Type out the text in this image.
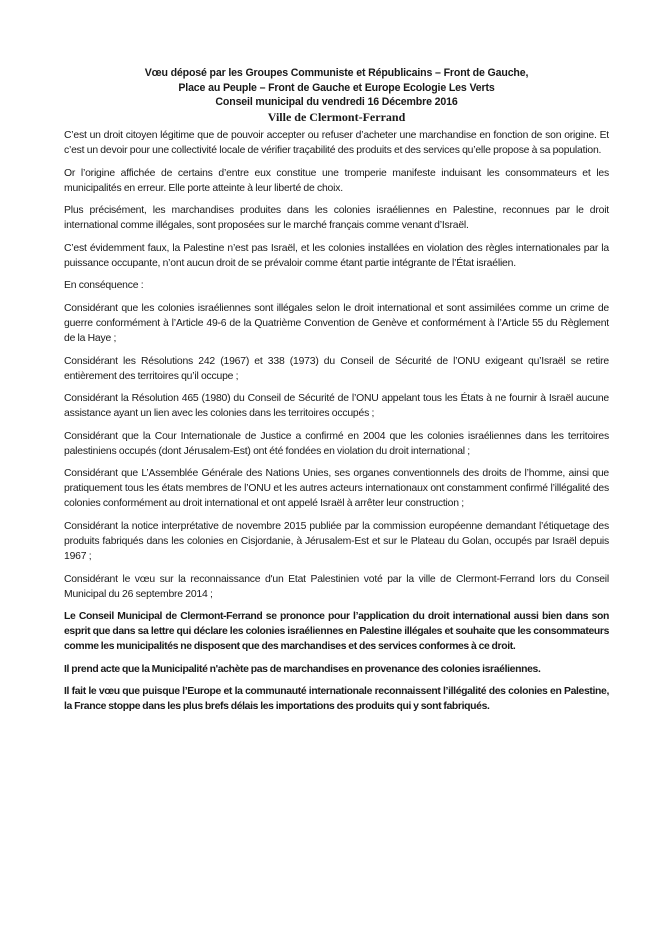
Vœu déposé par les Groupes Communiste et Républicains – Front de Gauche,
Place au Peuple – Front de Gauche et Europe Ecologie Les Verts
Conseil municipal du vendredi 16 Décembre 2016
Ville de Clermont-Ferrand

C’est un droit citoyen légitime que de pouvoir accepter ou refuser d’acheter une marchandise en fonction de son origine. Et c’est un devoir pour une collectivité locale de vérifier traçabilité des produits et des services qu’elle propose à sa population.

Or l’origine affichée de certains d’entre eux constitue une tromperie manifeste induisant les consommateurs et les municipalités en erreur. Elle porte atteinte à leur liberté de choix.

Plus précisément, les marchandises produites dans les colonies israéliennes en Palestine, reconnues par le droit international comme illégales, sont proposées sur le marché français comme venant d’Israël.

C’est évidemment faux, la Palestine n’est pas Israël, et les colonies installées en violation des règles internationales par la puissance occupante, n’ont aucun droit de se prévaloir comme étant partie intégrante de l’État israélien.

En conséquence :

Considérant que les colonies israéliennes sont illégales selon le droit international et sont assimilées comme un crime de guerre conformément à l’Article 49-6 de la Quatrième Convention de Genève et conformément à l’Article 55 du Règlement de la Haye ;

Considérant les Résolutions 242 (1967) et 338 (1973) du Conseil de Sécurité de l’ONU exigeant qu’Israël se retire entièrement des territoires qu’il occupe ;

Considérant la Résolution 465 (1980) du Conseil de Sécurité de l’ONU appelant tous les États à ne fournir à Israël aucune assistance ayant un lien avec les colonies dans les territoires occupés ;

Considérant que la Cour Internationale de Justice a confirmé en 2004 que les colonies israéliennes dans les territoires palestiniens occupés (dont Jérusalem-Est) ont été fondées en violation du droit international ;

Considérant que L’Assemblée Générale des Nations Unies, ses organes conventionnels des droits de l’homme, ainsi que pratiquement tous les états membres de l’ONU et les autres acteurs internationaux ont constamment confirmé l’illégalité des colonies conformément au droit international et ont appelé Israël à arrêter leur construction ;

Considérant la notice interprétative de novembre 2015 publiée par la commission européenne demandant l’étiquetage des produits fabriqués dans les colonies en Cisjordanie, à Jérusalem-Est et sur le Plateau du Golan, occupés par Israël depuis 1967 ;

Considérant le vœu sur la reconnaissance d'un Etat Palestinien voté par la ville de Clermont-Ferrand lors du Conseil Municipal du 26 septembre 2014 ;

Le Conseil Municipal de Clermont-Ferrand se prononce pour l’application du droit international aussi bien dans son esprit que dans sa lettre qui déclare les colonies israéliennes en Palestine illégales et souhaite que les consommateurs comme les municipalités ne disposent que des marchandises et des services conformes à ce droit.

Il prend acte que la Municipalité n'achète pas de marchandises en provenance des colonies israéliennes.

Il fait le vœu que puisque l’Europe et la communauté internationale reconnaissent l’illégalité des colonies en Palestine, la France stoppe dans les plus brefs délais les importations des produits qui y sont fabriqués.
